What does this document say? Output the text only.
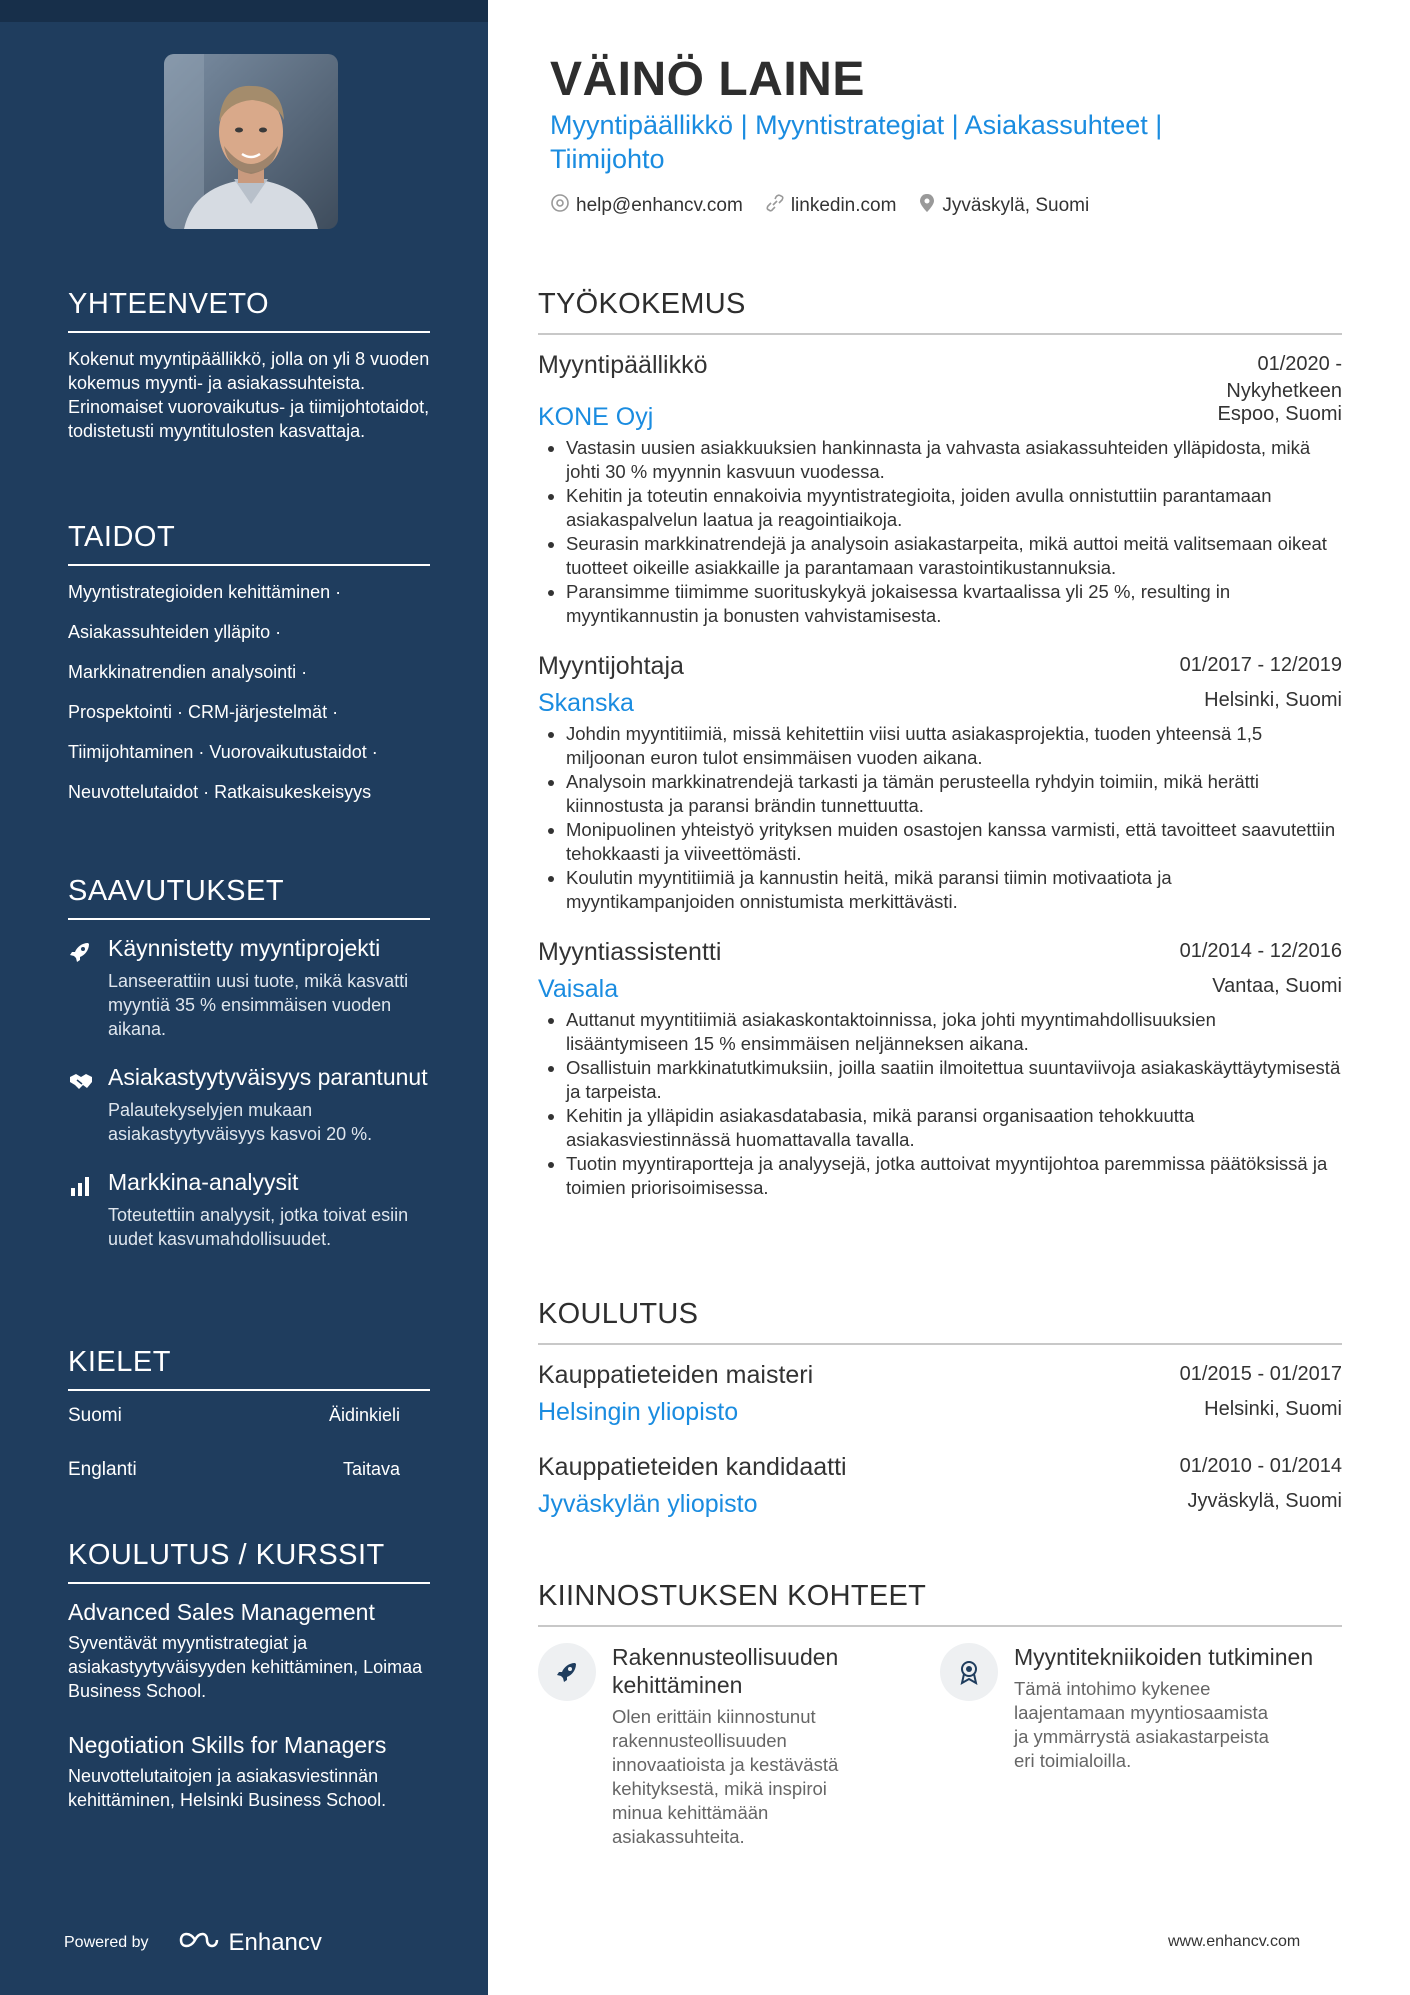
YHTEENVETO
Kokenut myyntipäällikkö, jolla on yli 8 vuoden kokemus myynti- ja asiakassuhteista. Erinomaiset vuorovaikutus- ja tiimijohtotaidot, todistetusti myyntitulosten kasvattaja.
TAIDOT
Myyntistrategioiden kehittäminen ·
Asiakassuhteiden ylläpito ·
Markkinatrendien analysointi ·
Prospektointi · CRM-järjestelmät ·
Tiimijohtaminen · Vuorovaikutustaidot ·
Neuvottelutaidot · Ratkaisukeskeisyys
SAAVUTUKSET
Käynnistetty myyntiprojekti
Lanseerattiin uusi tuote, mikä kasvatti myyntiä 35 % ensimmäisen vuoden aikana.
Asiakastyytyväisyys parantunut
Palautekyselyjen mukaan asiakastyytyväisyys kasvoi 20 %.
Markkina-analyysit
Toteutettiin analyysit, jotka toivat esiin uudet kasvumahdollisuudet.
KIELET
Suomi	Äidinkieli
Englanti	Taitava
KOULUTUS / KURSSIT
Advanced Sales Management
Syventävät myyntistrategiat ja asiakastyytyväisyyden kehittäminen, Loimaa Business School.
Negotiation Skills for Managers
Neuvottelutaitojen ja asiakasviestinnän kehittäminen, Helsinki Business School.
Powered by	Enhancv
VÄINÖ LAINE
Myyntipäällikkö | Myyntistrategiat | Asiakassuhteet |
Tiimijohto
help@enhancv.com	linkedin.com Jyväskylä, Suomi
TYÖKOKEMUS
Myyntipäällikkö	01/2020 -
Nykyhetkeen
KONE Oyj	Espoo, Suomi
• Vastasin uusien asiakkuuksien hankinnasta ja vahvasta asiakassuhteiden ylläpidosta, mikä johti 30 % myynnin kasvuun vuodessa.
• Kehitin ja toteutin ennakoivia myyntistrategioita, joiden avulla onnistuttiin parantamaan asiakaspalvelun laatua ja reagointiaikoja.
• Seurasin markkinatrendejä ja analysoin asiakastarpeita, mikä auttoi meitä valitsemaan oikeat tuotteet oikeille asiakkaille ja parantamaan varastointikustannuksia.
• Paransimme tiimimme suorituskykyä jokaisessa kvartaalissa yli 25 %, resulting in myyntikannustin ja bonusten vahvistamisesta.
Myyntijohtaja	01/2017 - 12/2019
Skanska	Helsinki, Suomi
• Johdin myyntitiimiä, missä kehitettiin viisi uutta asiakasprojektia, tuoden yhteensä 1,5 miljoonan euron tulot ensimmäisen vuoden aikana.
• Analysoin markkinatrendejä tarkasti ja tämän perusteella ryhdyin toimiin, mikä herätti kiinnostusta ja paransi brändin tunnettuutta.
• Monipuolinen yhteistyö yrityksen muiden osastojen kanssa varmisti, että tavoitteet saavutettiin tehokkaasti ja viiveettömästi.
• Koulutin myyntitiimiä ja kannustin heitä, mikä paransi tiimin motivaatiota ja myyntikampanjoiden onnistumista merkittävästi.
Myyntiassistentti	01/2014 - 12/2016
Vaisala	Vantaa, Suomi
• Auttanut myyntitiimiä asiakaskontaktoinnissa, joka johti myyntimahdollisuuksien lisääntymiseen 15 % ensimmäisen neljänneksen aikana.
• Osallistuin markkinatutkimuksiin, joilla saatiin ilmoitettua suuntaviivoja asiakaskäyttäytymisestä ja tarpeista.
• Kehitin ja ylläpidin asiakasdatabasia, mikä paransi organisaation tehokkuutta asiakasviestinnässä huomattavalla tavalla.
• Tuotin myyntiraportteja ja analyysejä, jotka auttoivat myyntijohtoa paremmissa päätöksissä ja toimien priorisoimisessa.
KOULUTUS
Kauppatieteiden maisteri	01/2015 - 01/2017
Helsingin yliopisto	Helsinki, Suomi
Kauppatieteiden kandidaatti	01/2010 - 01/2014
Jyväskylän yliopisto	Jyväskylä, Suomi
KIINNOSTUKSEN KOHTEET
Rakennusteollisuuden kehittäminen
Olen erittäin kiinnostunut rakennusteollisuuden innovaatioista ja kestävästä kehityksestä, mikä inspiroi minua kehittämään asiakassuhteita.
Myyntitekniikoiden tutkiminen
Tämä intohimo kykenee laajentamaan myyntiosaamista ja ymmärrystä asiakastarpeista eri toimialoilla.
www.enhancv.com
